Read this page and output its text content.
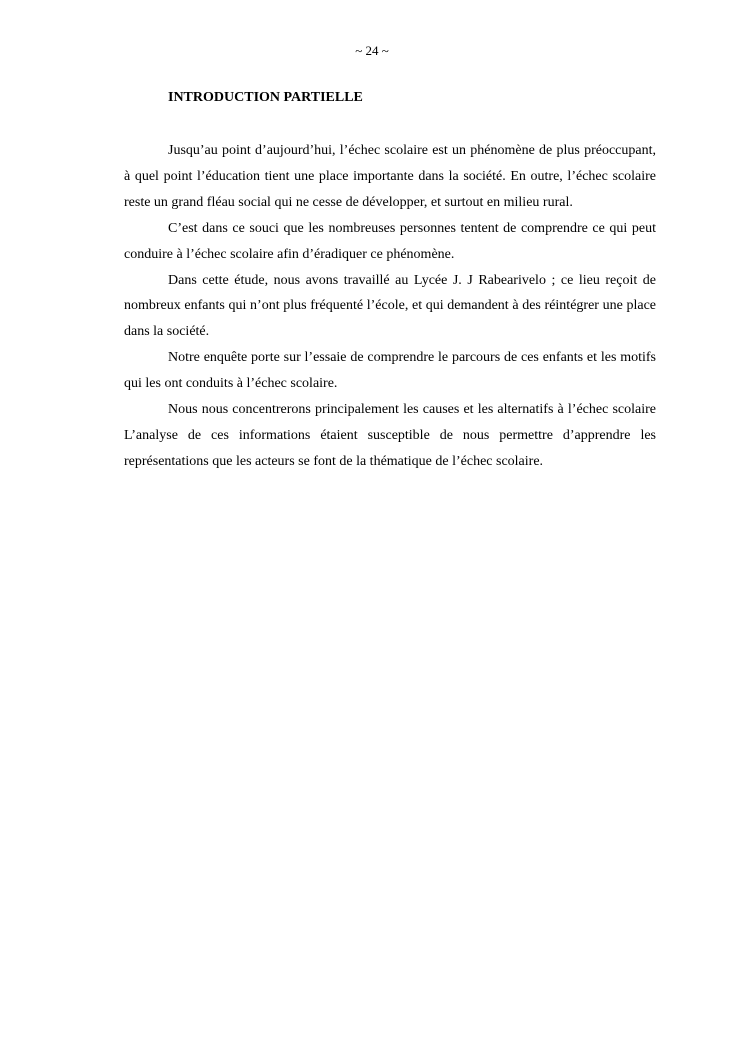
~ 24 ~
INTRODUCTION PARTIELLE

Jusqu’au point d’aujourd’hui, l’échec scolaire est un phénomène de plus préoccupant, à quel point l’éducation tient une place importante dans la société. En outre, l’échec scolaire reste un grand fléau social qui ne cesse de développer, et surtout en milieu rural.

C’est dans ce souci que les nombreuses personnes tentent de comprendre ce qui peut conduire à l’échec scolaire afin d’éradiquer ce phénomène.

Dans cette étude, nous avons travaillé au Lycée J. J Rabearivelo ; ce lieu reçoit de nombreux enfants qui n’ont plus fréquenté l’école, et qui demandent à des réintégrer une place dans la société.

Notre enquête porte sur l’essaie de comprendre le parcours de ces enfants et les motifs qui les ont conduits à l’échec scolaire.

Nous nous concentrerons principalement les causes et les alternatifs à l’échec scolaire L’analyse de ces informations étaient susceptible de nous permettre d’apprendre les représentations que les acteurs se font de la thématique de l’échec scolaire.
